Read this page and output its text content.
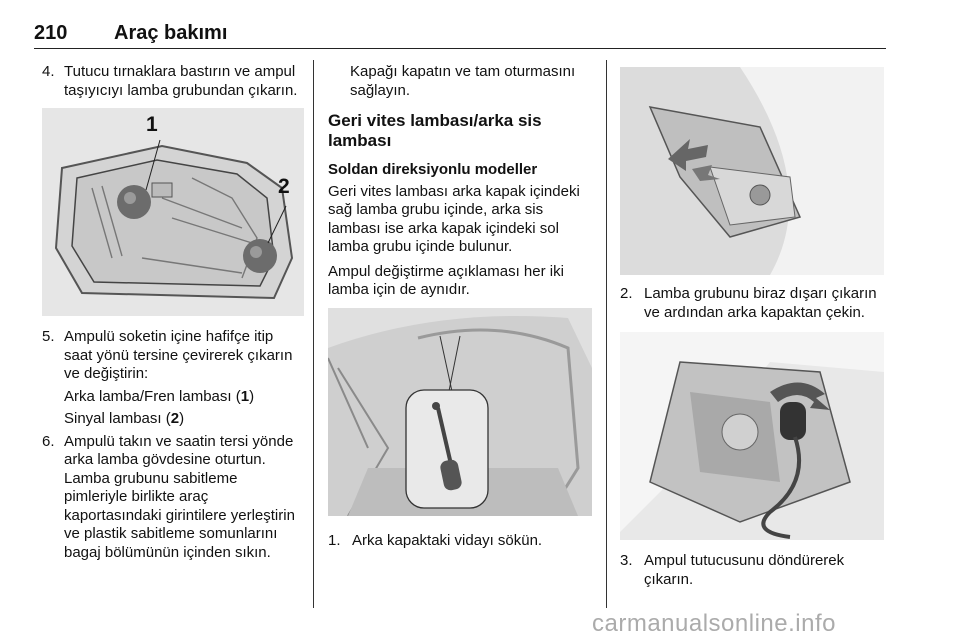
210 Araç bakımı
4. Tutucu tırnaklara bastırın ve ampul taşıyıcıyı lamba grubundan çıkarın.
1
2
5. Ampulü soketin içine hafifçe itip saat yönü tersine çevirerek çıkarın ve değiştirin:

Arka lamba/Fren lambası (1)

Sinyal lambası (2)

6. Ampulü takın ve saatin tersi yönde arka lamba gövdesine oturtun. Lamba grubunu sabitleme pimleriyle birlikte araç kaportasındaki girintilere yerleştirin ve plastik sabitleme somunlarını bagaj bölümünün içinden sıkın.

Kapağı kapatın ve tam oturmasını sağlayın.

Geri vites lambası/arka sis lambası

Soldan direksiyonlu modeller

Geri vites lambası arka kapak içindeki sağ lamba grubu içinde, arka sis lambası ise arka kapak içindeki sol lamba grubu içinde bulunur.

Ampul değiştirme açıklaması her iki lamba için de aynıdır.

1. Arka kapaktaki vidayı sökün.
2. Lamba grubunu biraz dışarı çıkarın ve ardından arka kapaktan çekin.
3. Ampul tutucusunu döndürerek çıkarın.
carmanualsonline.info
